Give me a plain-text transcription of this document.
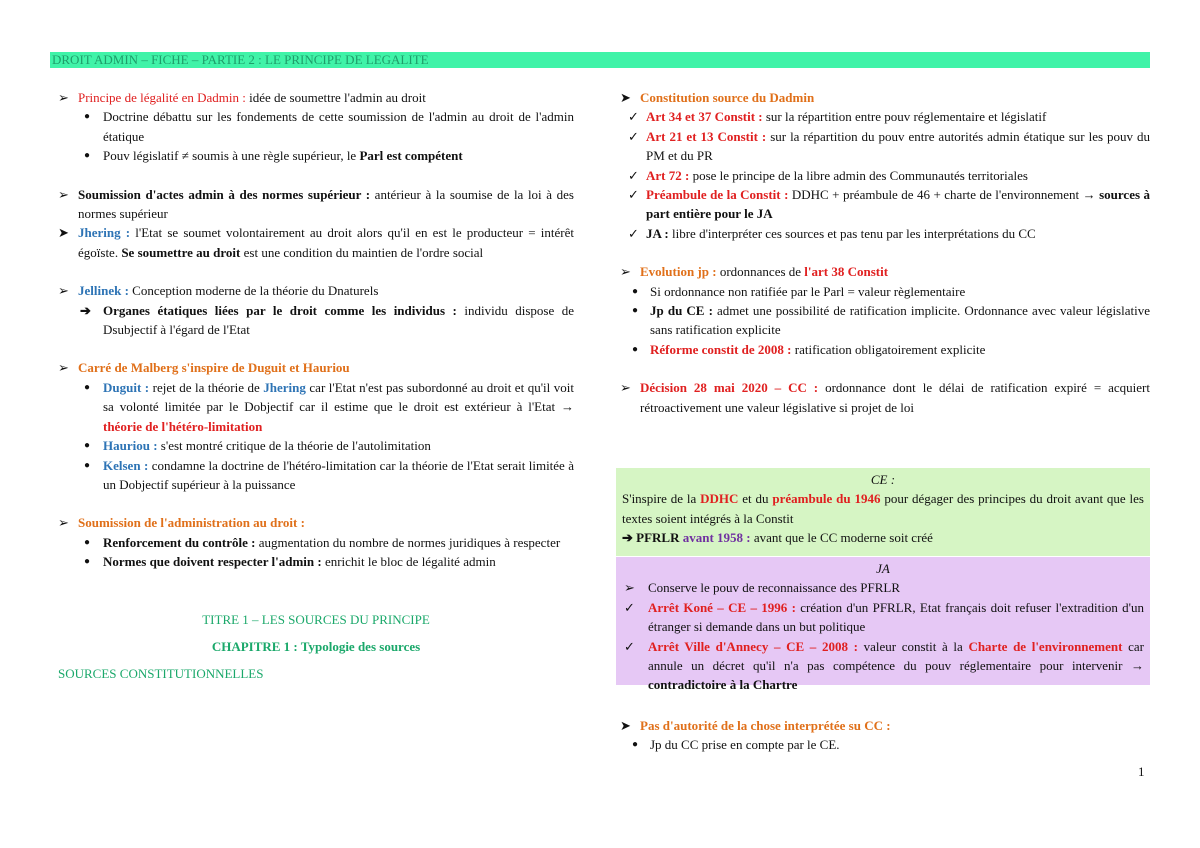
DROIT ADMIN – FICHE – PARTIE 2 : LE PRINCIPE DE LEGALITE
➢ Principe de légalité en Dadmin : idée de soumettre l'admin au droit
● Doctrine débattu sur les fondements de cette soumission de l'admin au droit de l'admin étatique
● Pouv législatif ≠ soumis à une règle supérieur, le Parl est compétent
➢ Soumission d'actes admin à des normes supérieur : antérieur à la soumise de la loi à des normes supérieur
➤ Jhering : l'Etat se soumet volontairement au droit alors qu'il en est le producteur = intérêt égoïste. Se soumettre au droit est une condition du maintien de l'ordre social
➢ Jellinek : Conception moderne de la théorie du Dnaturels
➔ Organes étatiques liées par le droit comme les individus : individu dispose de Dsubjectif à l'égard de l'Etat
➢ Carré de Malberg s'inspire de Duguit et Hauriou
● Duguit : rejet de la théorie de Jhering car l'Etat n'est pas subordonné au droit et qu'il voit sa volonté limitée par le Dobjectif car il estime que le droit est extérieur à l'Etat → théorie de l'hétéro-limitation
● Hauriou : s'est montré critique de la théorie de l'autolimitation
● Kelsen : condamne la doctrine de l'hétéro-limitation car la théorie de l'Etat serait limitée à un Dobjectif supérieur à la puissance
➢ Soumission de l'administration au droit :
● Renforcement du contrôle : augmentation du nombre de normes juridiques à respecter
● Normes que doivent respecter l'admin : enrichit le bloc de légalité admin
TITRE 1 – LES SOURCES DU PRINCIPE
CHAPITRE 1 : Typologie des sources
SOURCES CONSTITUTIONNELLES
➤ Constitution source du Dadmin
✓ Art 34 et 37 Constit : sur la répartition entre pouv réglementaire et législatif
✓ Art 21 et 13 Constit : sur la répartition du pouv entre autorités admin étatique sur les pouv du PM et du PR
✓ Art 72 : pose le principe de la libre admin des Communautés territoriales
✓ Préambule de la Constit : DDHC + préambule de 46 + charte de l'environnement → sources à part entière pour le JA
✓ JA : libre d'interpréter ces sources et pas tenu par les interprétations du CC
➢ Evolution jp : ordonnances de l'art 38 Constit
● Si ordonnance non ratifiée par le Parl = valeur règlementaire
● Jp du CE : admet une possibilité de ratification implicite. Ordonnance avec valeur législative sans ratification explicite
● Réforme constit de 2008 : ratification obligatoirement explicite
➢ Décision 28 mai 2020 – CC : ordonnance dont le délai de ratification expiré = acquiert rétroactivement une valeur législative si projet de loi
CE :
S'inspire de la DDHC et du préambule du 1946 pour dégager des principes du droit avant que les textes soient intégrés à la Constit
➔ PFRLR avant 1958 : avant que le CC moderne soit créé
JA
➢ Conserve le pouv de reconnaissance des PFRLR
✓ Arrêt Koné – CE – 1996 : création d'un PFRLR, Etat français doit refuser l'extradition d'un étranger si demande dans un but politique
✓ Arrêt Ville d'Annecy – CE – 2008 : valeur constit à la Charte de l'environnement car annule un décret qu'il n'a pas compétence du pouv réglementaire pour intervenir → contradictoire à la Chartre
➤ Pas d'autorité de la chose interprétée su CC :
● Jp du CC prise en compte par le CE.
1
